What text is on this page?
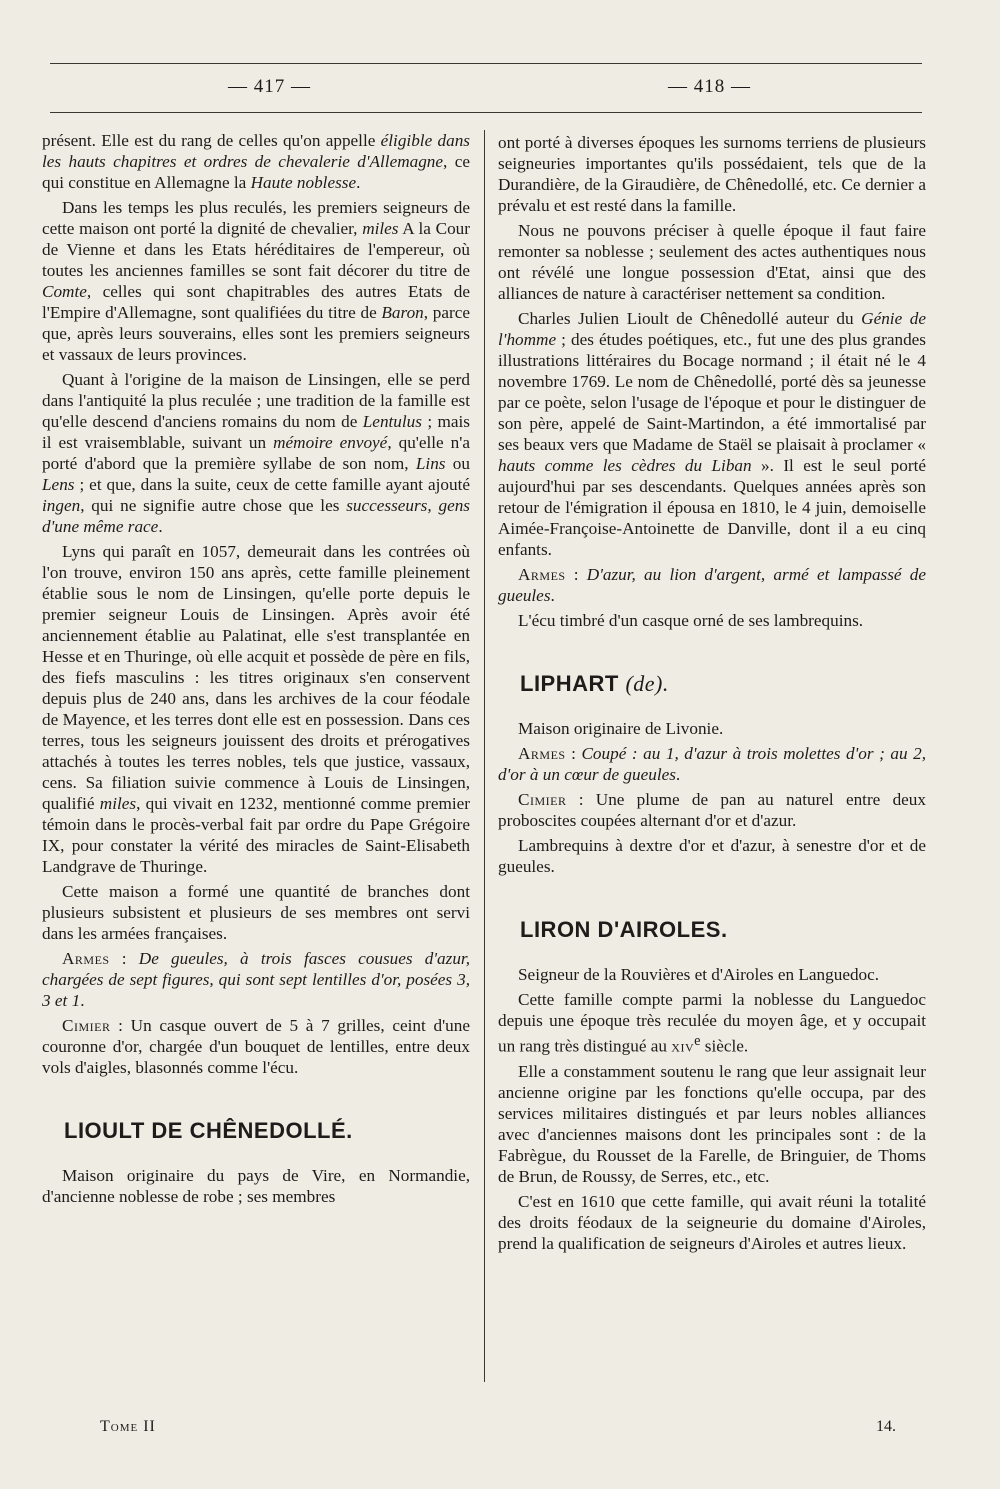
— 417 —	— 418 —

présent. Elle est du rang de celles qu'on appelle éligible dans les hauts chapitres et ordres de chevalerie d'Allemagne, ce qui constitue en Allemagne la Haute noblesse.

Dans les temps les plus reculés, les premiers seigneurs de cette maison ont porté la dignité de chevalier, miles A la Cour de Vienne et dans les Etats héréditaires de l'empereur, où toutes les anciennes familles se sont fait décorer du titre de Comte, celles qui sont chapitrables des autres Etats de l'Empire d'Allemagne, sont qualifiées du titre de Baron, parce que, après leurs souverains, elles sont les premiers seigneurs et vassaux de leurs provinces.

Quant à l'origine de la maison de Linsingen, elle se perd dans l'antiquité la plus reculée ; une tradition de la famille est qu'elle descend d'anciens romains du nom de Lentulus ; mais il est vraisemblable, suivant un mémoire envoyé, qu'elle n'a porté d'abord que la première syllabe de son nom, Lins ou Lens ; et que, dans la suite, ceux de cette famille ayant ajouté ingen, qui ne signifie autre chose que les successeurs, gens d'une même race.

Lyns qui paraît en 1057, demeurait dans les contrées où l'on trouve, environ 150 ans après, cette famille pleinement établie sous le nom de Linsingen, qu'elle porte depuis le premier seigneur Louis de Linsingen. Après avoir été anciennement établie au Palatinat, elle s'est transplantée en Hesse et en Thuringe, où elle acquit et possède de père en fils, des fiefs masculins : les titres originaux s'en conservent depuis plus de 240 ans, dans les archives de la cour féodale de Mayence, et les terres dont elle est en possession. Dans ces terres, tous les seigneurs jouissent des droits et prérogatives attachés à toutes les terres nobles, tels que justice, vassaux, cens. Sa filiation suivie commence à Louis de Linsingen, qualifié miles, qui vivait en 1232, mentionné comme premier témoin dans le procès-verbal fait par ordre du Pape Grégoire IX, pour constater la vérité des miracles de Saint-Elisabeth Landgrave de Thuringe.

Cette maison a formé une quantité de branches dont plusieurs subsistent et plusieurs de ses membres ont servi dans les armées françaises.

Armes : De gueules, à trois fasces cousues d'azur, chargées de sept figures, qui sont sept lentilles d'or, posées 3, 3 et 1.

Cimier : Un casque ouvert de 5 à 7 grilles, ceint d'une couronne d'or, chargée d'un bouquet de lentilles, entre deux vols d'aigles, blasonnés comme l'écu.

LIOULT DE CHÊNEDOLLÉ.

Maison originaire du pays de Vire, en Normandie, d'ancienne noblesse de robe ; ses membres

ont porté à diverses époques les surnoms terriens de plusieurs seigneuries importantes qu'ils possédaient, tels que de la Durandière, de la Giraudière, de Chênedollé, etc. Ce dernier a prévalu et est resté dans la famille.

Nous ne pouvons préciser à quelle époque il faut faire remonter sa noblesse ; seulement des actes authentiques nous ont révélé une longue possession d'Etat, ainsi que des alliances de nature à caractériser nettement sa condition.

Charles Julien Lioult de Chênedollé auteur du Génie de l'homme ; des études poétiques, etc., fut une des plus grandes illustrations littéraires du Bocage normand ; il était né le 4 novembre 1769. Le nom de Chênedollé, porté dès sa jeunesse par ce poète, selon l'usage de l'époque et pour le distinguer de son père, appelé de Saint-Martindon, a été immortalisé par ses beaux vers que Madame de Staël se plaisait à proclamer « hauts comme les cèdres du Liban ». Il est le seul porté aujourd'hui par ses descendants. Quelques années après son retour de l'émigration il épousa en 1810, le 4 juin, demoiselle Aimée-Françoise-Antoinette de Danville, dont il a eu cinq enfants.

Armes : D'azur, au lion d'argent, armé et lampassé de gueules.

L'écu timbré d'un casque orné de ses lambrequins.

LIPHART (de).

Maison originaire de Livonie.

Armes : Coupé : au 1, d'azur à trois molettes d'or ; au 2, d'or à un cœur de gueules.

Cimier : Une plume de pan au naturel entre deux proboscites coupées alternant d'or et d'azur.

Lambrequins à dextre d'or et d'azur, à senestre d'or et de gueules.

LIRON D'AIROLES.

Seigneur de la Rouvières et d'Airoles en Languedoc.

Cette famille compte parmi la noblesse du Languedoc depuis une époque très reculée du moyen âge, et y occupait un rang très distingué au xiv$^e$ siècle.

Elle a constamment soutenu le rang que leur assignait leur ancienne origine par les fonctions qu'elle occupa, par des services militaires distingués et par leurs nobles alliances avec d'anciennes maisons dont les principales sont : de la Fabrègue, du Rousset de la Farelle, de Bringuier, de Thoms de Brun, de Roussy, de Serres, etc., etc.

C'est en 1610 que cette famille, qui avait réuni la totalité des droits féodaux de la seigneurie du domaine d'Airoles, prend la qualification de seigneurs d'Airoles et autres lieux.

Tome II	14.
